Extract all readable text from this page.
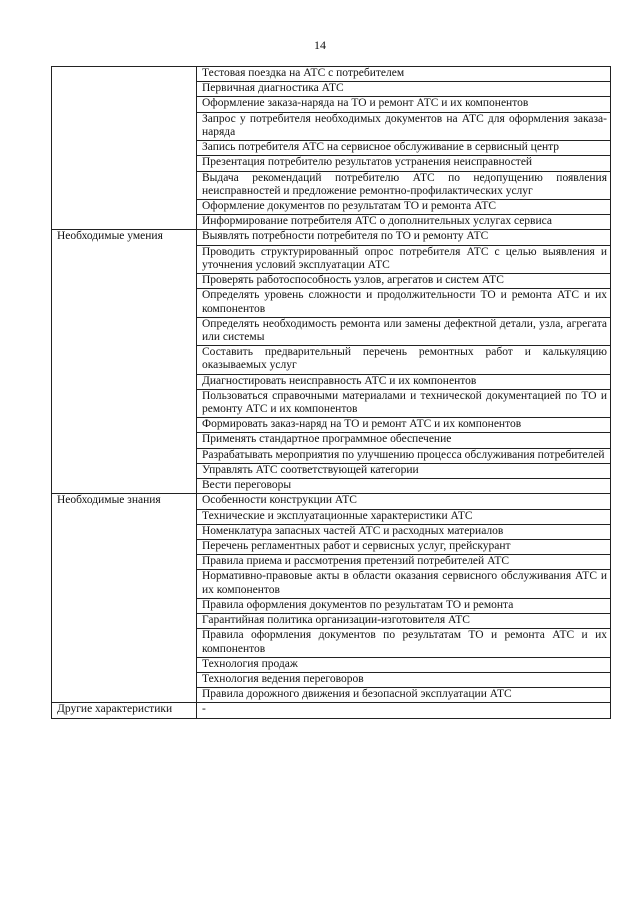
14
	Тестовая поездка на АТС с потребителем
	Первичная диагностика АТС
	Оформление заказа-наряда на ТО и ремонт АТС и их компонентов
	Запрос у потребителя необходимых документов на АТС для оформления заказа-наряда
	Запись потребителя АТС на сервисное обслуживание в сервисный центр
	Презентация потребителю результатов устранения неисправностей
	Выдача рекомендаций потребителю АТС по недопущению появления неисправностей и предложение ремонтно-профилактических услуг
	Оформление документов по результатам ТО и ремонта АТС
	Информирование потребителя АТС о дополнительных услугах сервиса
Необходимые умения	Выявлять потребности потребителя по ТО и ремонту АТС
	Проводить структурированный опрос потребителя АТС с целью выявления и уточнения условий эксплуатации АТС
	Проверять работоспособность узлов, агрегатов и систем АТС
	Определять уровень сложности и продолжительности ТО и ремонта АТС и их компонентов
	Определять необходимость ремонта или замены дефектной детали, узла, агрегата или системы
	Составить предварительный перечень ремонтных работ и калькуляцию оказываемых услуг
	Диагностировать неисправность АТС и их компонентов
	Пользоваться справочными материалами и технической документацией по ТО и ремонту АТС и их компонентов
	Формировать заказ-наряд на ТО и ремонт АТС и их компонентов
	Применять стандартное программное обеспечение
	Разрабатывать мероприятия по улучшению процесса обслуживания потребителей
	Управлять АТС соответствующей категории
	Вести переговоры
Необходимые знания	Особенности конструкции АТС
	Технические и эксплуатационные характеристики АТС
	Номенклатура запасных частей АТС и расходных материалов
	Перечень регламентных работ и сервисных услуг, прейскурант
	Правила приема и рассмотрения претензий потребителей АТС
	Нормативно-правовые акты в области оказания сервисного обслуживания АТС и их компонентов
	Правила оформления документов по результатам ТО и ремонта
	Гарантийная политика организации-изготовителя АТС
	Правила оформления документов по результатам ТО и ремонта АТС и их компонентов
	Технология продаж
	Технология ведения переговоров
	Правила дорожного движения и безопасной эксплуатации АТС
Другие характеристики	-
